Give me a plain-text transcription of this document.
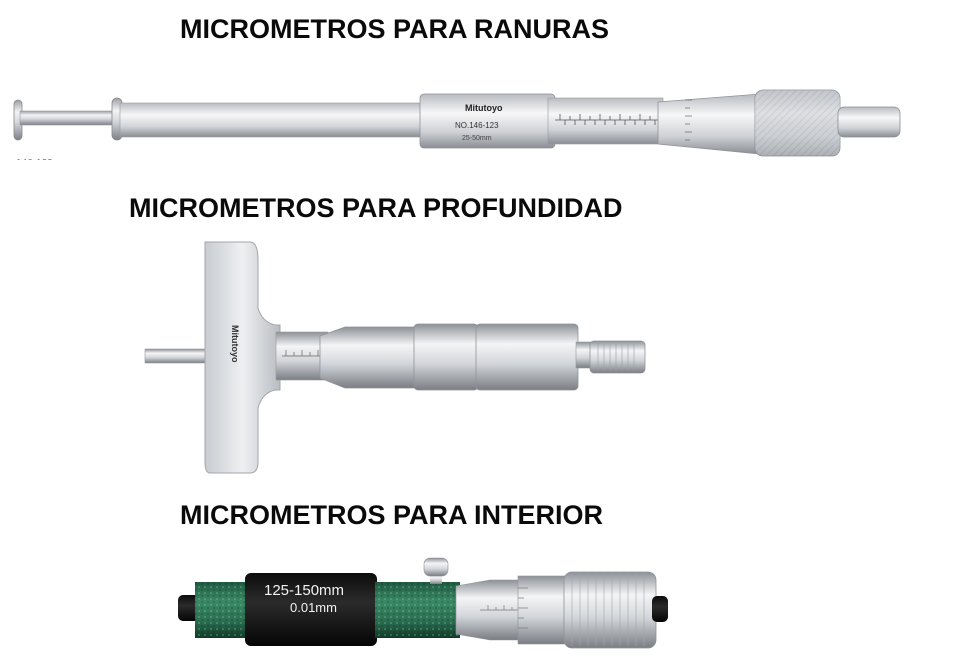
MICROMETROS PARA RANURAS
Mitutoyo
NO.146-123
25-50mm
MICROMETROS PARA PROFUNDIDAD
Mitutoyo
MICROMETROS PARA INTERIOR
125-150mm
0.01mm
